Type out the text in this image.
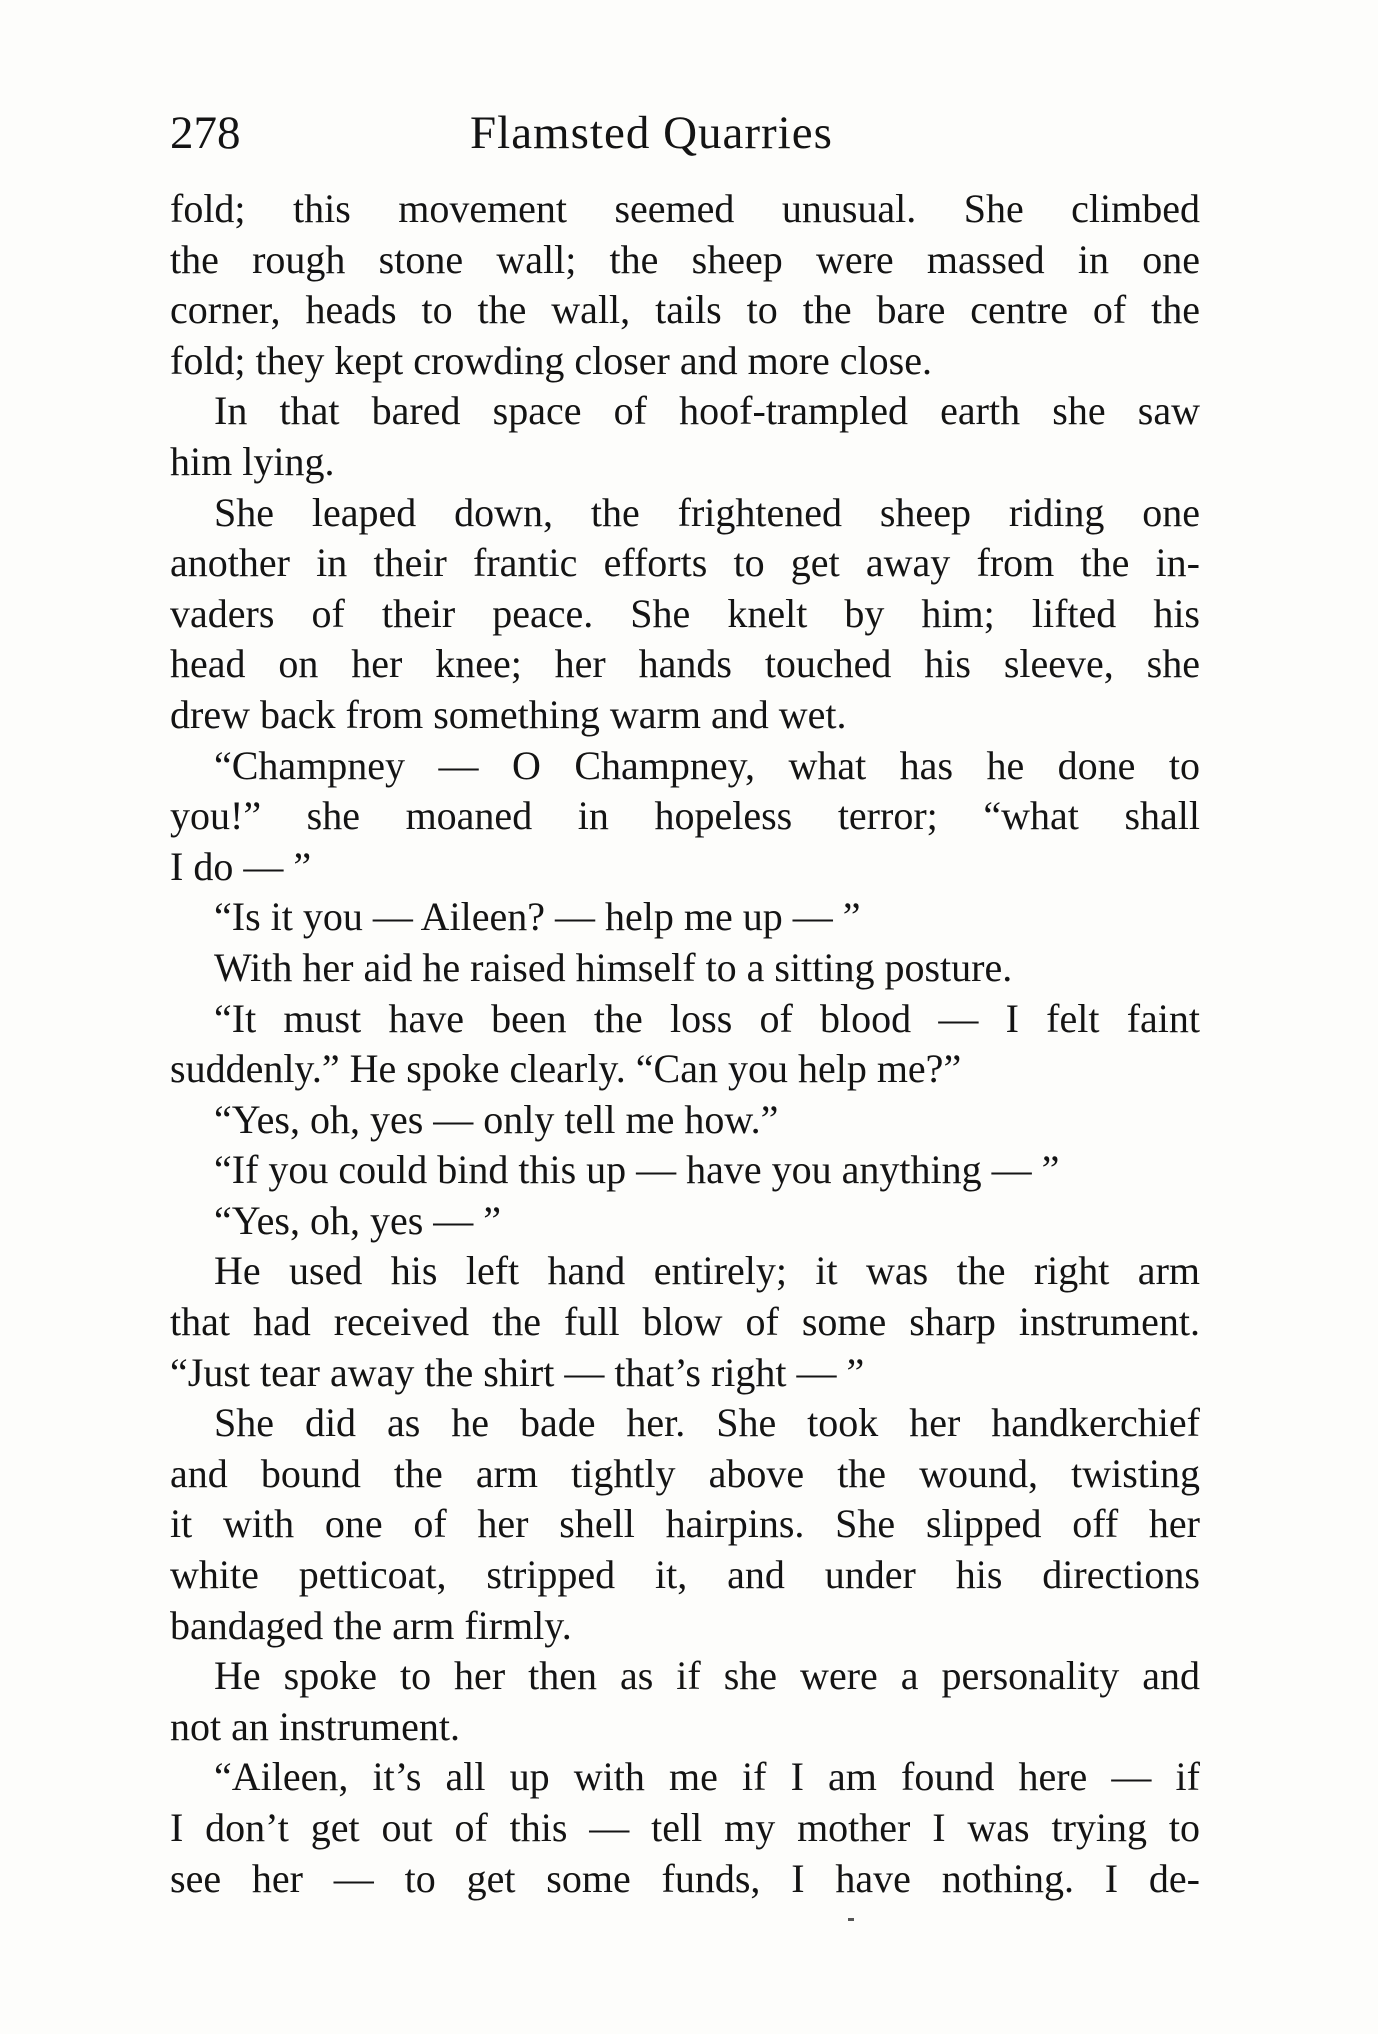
278	Flamsted Quarries
fold; this movement seemed unusual. She climbed
the rough stone wall; the sheep were massed in one
corner, heads to the wall, tails to the bare centre of the
fold; they kept crowding closer and more close.
In that bared space of hoof-trampled earth she saw
him lying.
She leaped down, the frightened sheep riding one
another in their frantic efforts to get away from the in-
vaders of their peace. She knelt by him; lifted his
head on her knee; her hands touched his sleeve, she
drew back from something warm and wet.
“Champney — O Champney, what has he done to
you!” she moaned in hopeless terror; “what shall
I do — ”
“Is it you — Aileen? — help me up — ”
With her aid he raised himself to a sitting posture.
“It must have been the loss of blood — I felt faint
suddenly.” He spoke clearly. “Can you help me?”
“Yes, oh, yes — only tell me how.”
“If you could bind this up — have you anything — ”
“Yes, oh, yes — ”
He used his left hand entirely; it was the right arm
that had received the full blow of some sharp instrument.
“Just tear away the shirt — that’s right — ”
She did as he bade her. She took her handkerchief
and bound the arm tightly above the wound, twisting
it with one of her shell hairpins. She slipped off her
white petticoat, stripped it, and under his directions
bandaged the arm firmly.
He spoke to her then as if she were a personality and
not an instrument.
“Aileen, it’s all up with me if I am found here — if
I don’t get out of this — tell my mother I was trying to
see her — to get some funds, I have nothing. I de-
